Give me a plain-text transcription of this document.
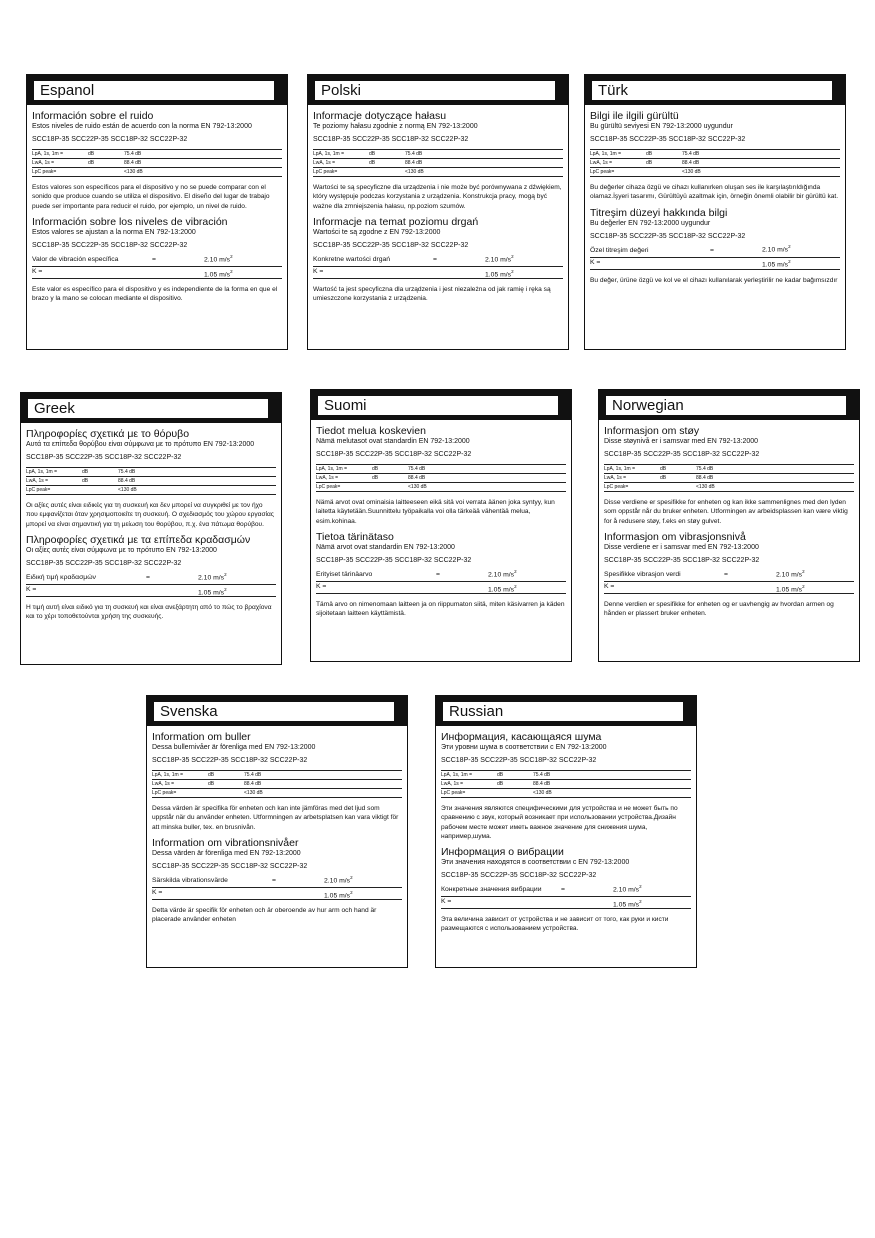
Espanol
Información sobre el ruido
Estos niveles de ruido están de acuerdo con la norma EN 792-13:2000
SCC18P-35 SCC22P-35 SCC18P-32 SCC22P-32
LpA, 1s, 1m =	dB	75.4 dB
LwA, 1s =	dB	88.4 dB
LpC peak=	<130 dB
Estos valores son específicos para el dispositivo y no se puede comparar con el sonido que produce cuando se utiliza el dispositivo. El diseño del lugar de trabajo puede ser importante para reducir el ruido, por ejemplo, un nivel de ruido.
Información sobre los niveles de vibración
Estos valores se ajustan a la norma EN 792-13:2000
SCC18P-35 SCC22P-35 SCC18P-32 SCC22P-32
Valor de vibración específica	=	2.10 $m/s^2$
K =	1.05 $m/s^2$
Este valor es específico para el dispositivo y es independiente de la forma en que el brazo y la mano se colocan mediante el dispositivo.
Polski
Informacje dotyczące hałasu
Te poziomy hałasu zgodnie z normą EN 792-13:2000
SCC18P-35 SCC22P-35 SCC18P-32 SCC22P-32
LpA, 1s, 1m =	dB	75.4 dB
LwA, 1s =	dB	88.4 dB
LpC peak=	<130 dB
Wartości te są specyficzne dla urządzenia i nie może być porównywana z dźwiękiem, który występuje podczas korzystania z urządzenia. Konstrukcja pracy, mogą być ważne dla zmniejszenia hałasu, np.poziom szumów.
Informacje na temat poziomu drgań
Wartości te są zgodne z EN 792-13:2000
SCC18P-35 SCC22P-35 SCC18P-32 SCC22P-32
Konkretne wartości drgań	=	2.10 $m/s^2$
K =	1.05 $m/s^2$
Wartość ta jest specyficzna dla urządzenia i jest niezależna od jak ramię i ręka są umieszczone korzystania z urządzenia.
Türk
Bilgi ile ilgili gürültü
Bu gürültü seviyesi EN 792-13:2000 uygundur
SCC18P-35 SCC22P-35 SCC18P-32 SCC22P-32
LpA, 1s, 1m =	dB	75.4 dB
LwA, 1s =	dB	88.4 dB
LpC peak=	<130 dB
Bu değerler cihaza özgü ve cihazı kullanırken oluşan ses ile karşılaştırıldığında olamaz.İşyeri tasarımı, Gürültüyü azaltmak için, örneğin önemli olabilir bir gürültü kat.
Titreşim düzeyi hakkında bilgi
Bu değerler EN 792-13:2000 uygundur
SCC18P-35 SCC22P-35 SCC18P-32 SCC22P-32
Özel titreşim değeri	=	2.10 $m/s^2$
K =	1.05 $m/s^2$
Bu değer, ürüne özgü ve kol ve el cihazı kullanılarak yerleştirilir ne kadar bağımsızdır
Greek
Πληροφορίες σχετικά με το θόρυβο
Αυτά τα επίπεδα θορύβου είναι σύμφωνα με το πρότυπο EN 792-13:2000
SCC18P-35 SCC22P-35 SCC18P-32 SCC22P-32
LpA, 1s, 1m =	dB	75.4 dB
LwA, 1s =	dB	88.4 dB
LpC peak=	<130 dB
Οι αξίες αυτές είναι ειδικές για τη συσκευή και δεν μπορεί να συγκριθεί με τον ήχο που εμφανίζεται όταν χρησιμοποιείτε τη συσκευή. Ο σχεδιασμός του χώρου εργασίας μπορεί να είναι σημαντική για τη μείωση του θορύβου, π.χ. ένα πάτωμα θορύβου.
Πληροφορίες σχετικά με τα επίπεδα κραδασμών
Οι αξίες αυτές είναι σύμφωνα με το πρότυπο EN 792-13:2000
SCC18P-35 SCC22P-35 SCC18P-32 SCC22P-32
Ειδική τιμή κραδασμών	=	2.10 $m/s^2$
K =	1.05 $m/s^2$
Η τιμή αυτή είναι ειδικό για τη συσκευή και είναι ανεξάρτητη από το πώς το βραχίονα και το χέρι τοποθετούνται χρήση της συσκευής.
Suomi
Tiedot melua koskevien
Nämä melutasot ovat standardin EN 792-13:2000
SCC18P-35 SCC22P-35 SCC18P-32 SCC22P-32
LpA, 1s, 1m =	dB	75.4 dB
LwA, 1s =	dB	88.4 dB
LpC peak=	<130 dB
Nämä arvot ovat ominaisia laitteeseen eikä sitä voi verrata äänen joka syntyy, kun laitetta käytetään.Suunnittelu työpaikalla voi olla tärkeää vähentää melua, esim.kohinaa.
Tietoa tärinätaso
Nämä arvot ovat standardin EN 792-13:2000
SCC18P-35 SCC22P-35 SCC18P-32 SCC22P-32
Erityiset tärinäarvo	=	2.10 $m/s^2$
K =	1.05 $m/s^2$
Tämä arvo on nimenomaan laitteen ja on riippumaton siitä, miten käsivarren ja käden sijoitetaan laitteen käyttämistä.
Norwegian
Informasjon om støy
Disse støynivå er i samsvar med EN 792-13:2000
SCC18P-35 SCC22P-35 SCC18P-32 SCC22P-32
LpA, 1s, 1m =	dB	75.4 dB
LwA, 1s =	dB	88.4 dB
LpC peak=	<130 dB
Disse verdiene er spesifikke for enheten og kan ikke sammenlignes med den lyden som oppstår når du bruker enheten. Utformingen av arbeidsplassen kan være viktig for å redusere støy, f.eks en støy gulvet.
Informasjon om vibrasjonsnivå
Disse verdiene er i samsvar med EN 792-13:2000
SCC18P-35 SCC22P-35 SCC18P-32 SCC22P-32
Spesifikke vibrasjon verdi	=	2.10 $m/s^2$
K =	1.05 $m/s^2$
Denne verdien er spesifikke for enheten og er uavhengig av hvordan armen og hånden er plassert bruker enheten.
Svenska
Information om buller
Dessa bullernivåer är förenliga med EN 792-13:2000
SCC18P-35 SCC22P-35 SCC18P-32 SCC22P-32
LpA, 1s, 1m =	dB	75.4 dB
LwA, 1s =	dB	88.4 dB
LpC peak=	<130 dB
Dessa värden är specifika för enheten och kan inte jämföras med det ljud som uppstår när du använder enheten. Utformningen av arbetsplatsen kan vara viktigt för att minska buller, tex. en brusnivån.
Information om vibrationsnivåer
Dessa värden är förenliga med EN 792-13:2000
SCC18P-35 SCC22P-35 SCC18P-32 SCC22P-32
Särskilda vibrationsvärde	=	2.10 $m/s^2$
K =	1.05 $m/s^2$
Detta värde är specifik för enheten och är oberoende av hur arm och hand är placerade använder enheten
Russian
Информация, касающаяся шума
Эти уровни шума в соответствии с EN 792-13:2000
SCC18P-35 SCC22P-35 SCC18P-32 SCC22P-32
LpA, 1s, 1m =	dB	75.4 dB
LwA, 1s =	dB	88.4 dB
LpC peak=	<130 dB
Эти значения являются специфическими для устройства и не может быть по сравнению с звук, который возникает при использовании устройства.Дизайн рабочем месте может иметь важное значение для снижения шума, например,шума.
Информация о вибрации
Эти значения находятся в соответствии с EN 792-13:2000
SCC18P-35 SCC22P-35 SCC18P-32 SCC22P-32
Конкретные значения вибрации	=	2.10 $m/s^2$
K =	1.05 $m/s^2$
Эта величина зависит от устройства и не зависит от того, как руки и кисти размещаются с использованием устройства.
